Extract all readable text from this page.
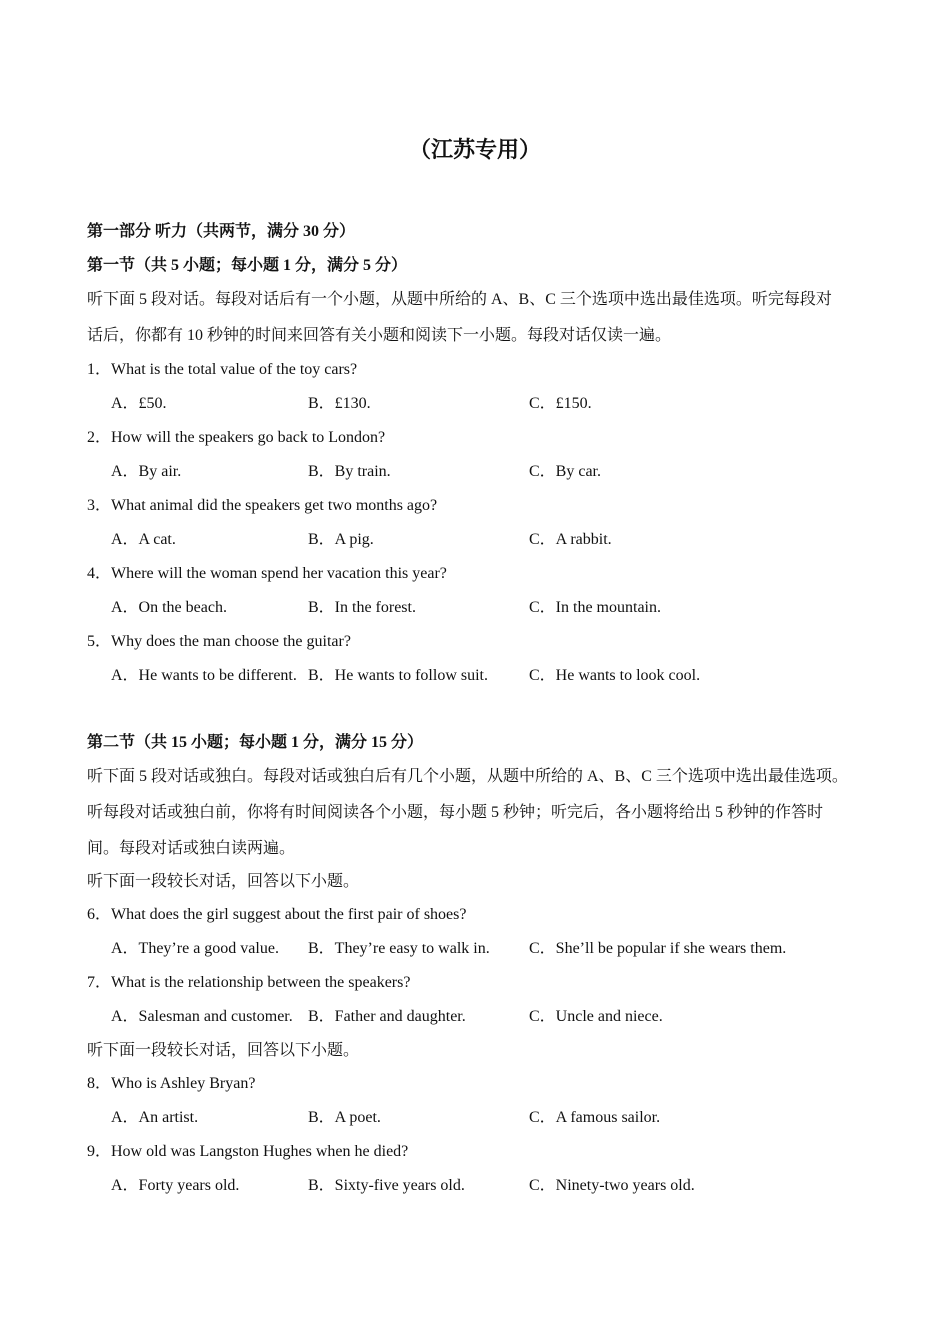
（江苏专用）
第一部分 听力（共两节，满分 30 分）
第一节（共 5 小题；每小题 1 分，满分 5 分）
听下面 5 段对话。每段对话后有一个小题，从题中所给的 A、B、C 三个选项中选出最佳选项。听完每段对
话后，你都有 10 秒钟的时间来回答有关小题和阅读下一小题。每段对话仅读一遍。
1．What is the total value of the toy cars?
A．£50.	B．£130.	C．£150.
2．How will the speakers go back to London?
A．By air.	B．By train.	C．By car.
3．What animal did the speakers get two months ago?
A．A cat.	B．A pig.	C．A rabbit.
4．Where will the woman spend her vacation this year?
A．On the beach.	B．In the forest.	C．In the mountain.
5．Why does the man choose the guitar?
A．He wants to be different. B．He wants to follow suit.	C．He wants to look cool.
第二节（共 15 小题；每小题 1 分，满分 15 分）
听下面 5 段对话或独白。每段对话或独白后有几个小题，从题中所给的 A、B、C 三个选项中选出最佳选项。
听每段对话或独白前，你将有时间阅读各个小题，每小题 5 秒钟；听完后，各小题将给出 5 秒钟的作答时
间。每段对话或独白读两遍。
听下面一段较长对话，回答以下小题。
6．What does the girl suggest about the first pair of shoes?
A．They’re a good value. B．They’re easy to walk in. C．She’ll be popular if she wears them.
7．What is the relationship between the speakers?
A．Salesman and customer. B．Father and daughter.	C．Uncle and niece.
听下面一段较长对话，回答以下小题。
8．Who is Ashley Bryan?
A．An artist.	B．A poet.	C．A famous sailor.
9．How old was Langston Hughes when he died?
A．Forty years old.	B．Sixty-five years old.	C．Ninety-two years old.
